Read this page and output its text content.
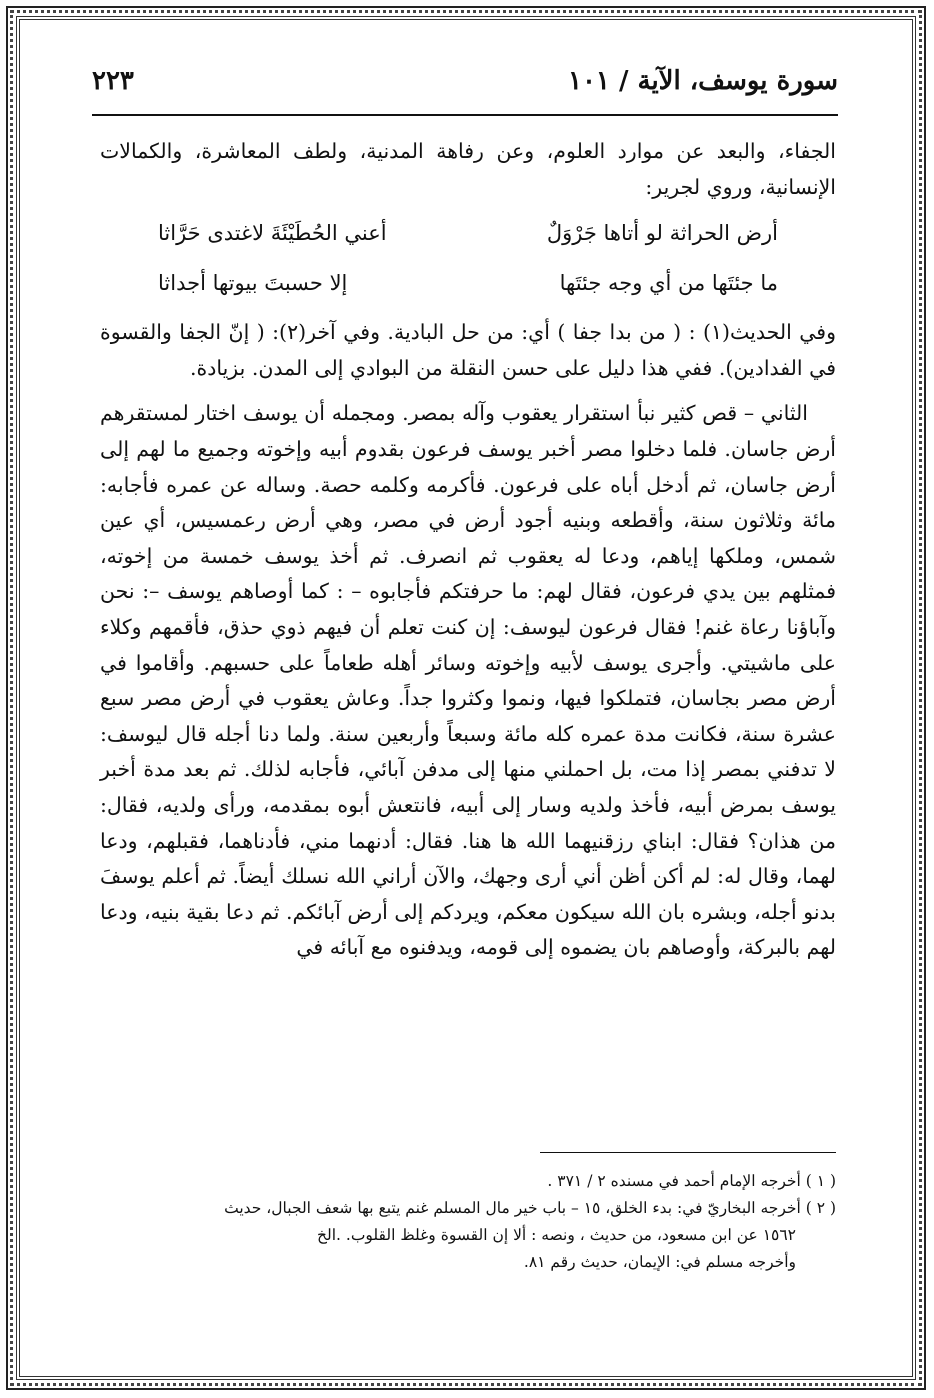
سورة يوسف، الآية / ١٠١
٢٢٣

الجفاء، والبعد عن موارد العلوم، وعن رفاهة المدنية، ولطف المعاشرة، والكمالات الإنسانية، وروي لجرير:

أرض الحراثة لو أتاها جَرْوَلٌ
أعني الحُطَيْئَةَ لاغتدى حَرَّاثا
ما جئتَها من أي وجه جئتَها
إلا حسبتَ بيوتها أجداثا

وفي الحديث(١) : ( من بدا جفا ) أي: من حل البادية. وفي آخر(٢): ( إنّ الجفا والقسوة في الفدادين). ففي هذا دليل على حسن النقلة من البوادي إلى المدن. بزيادة.

الثاني – قص كثير نبأ استقرار يعقوب وآله بمصر. ومجمله أن يوسف اختار لمستقرهم أرض جاسان. فلما دخلوا مصر أخبر يوسف فرعون بقدوم أبيه وإخوته وجميع ما لهم إلى أرض جاسان، ثم أدخل أباه على فرعون. فأكرمه وكلمه حصة. وساله عن عمره فأجابه: مائة وثلاثون سنة، وأقطعه وبنيه أجود أرض في مصر، وهي أرض رعمسيس، أي عين شمس، وملكها إياهم، ودعا له يعقوب ثم انصرف. ثم أخذ يوسف خمسة من إخوته، فمثلهم بين يدي فرعون، فقال لهم: ما حرفتكم فأجابوه – : كما أوصاهم يوسف –: نحن وآباؤنا رعاة غنم! فقال فرعون ليوسف: إن كنت تعلم أن فيهم ذوي حذق، فأقمهم وكلاء على ماشيتي. وأجرى يوسف لأبيه وإخوته وسائر أهله طعاماً على حسبهم. وأقاموا في أرض مصر بجاسان، فتملكوا فيها، ونموا وكثروا جداً. وعاش يعقوب في أرض مصر سبع عشرة سنة، فكانت مدة عمره كله مائة وسبعاً وأربعين سنة. ولما دنا أجله قال ليوسف: لا تدفني بمصر إذا مت، بل احملني منها إلى مدفن آبائي، فأجابه لذلك. ثم بعد مدة أخبر يوسف بمرض أبيه، فأخذ ولديه وسار إلى أبيه، فانتعش أبوه بمقدمه، ورأى ولديه، فقال: من هذان؟ فقال: ابناي رزقنيهما الله ها هنا. فقال: أدنهما مني، فأدناهما، فقبلهم، ودعا لهما، وقال له: لم أكن أظن أني أرى وجهك، والآن أراني الله نسلك أيضاً. ثم أعلم يوسفَ بدنو أجله، وبشره بان الله سيكون معكم، ويردكم إلى أرض آبائكم. ثم دعا بقية بنيه، ودعا لهم بالبركة، وأوصاهم بان يضموه إلى قومه، ويدفنوه مع آبائه في

( ١ ) أخرجه الإمام أحمد في مسنده ٢ / ٣٧١ .

( ٢ ) أخرجه البخاريّ في: بدء الخلق، ١٥ – باب خير مال المسلم غنم يتبع بها شعف الجبال، حديث

١٥٦٢ عن ابن مسعود، من حديث ، ونصه : ألا إن القسوة وغلظ القلوب. .الخ

وأخرجه مسلم في: الإيمان، حديث رقم ٨١.
